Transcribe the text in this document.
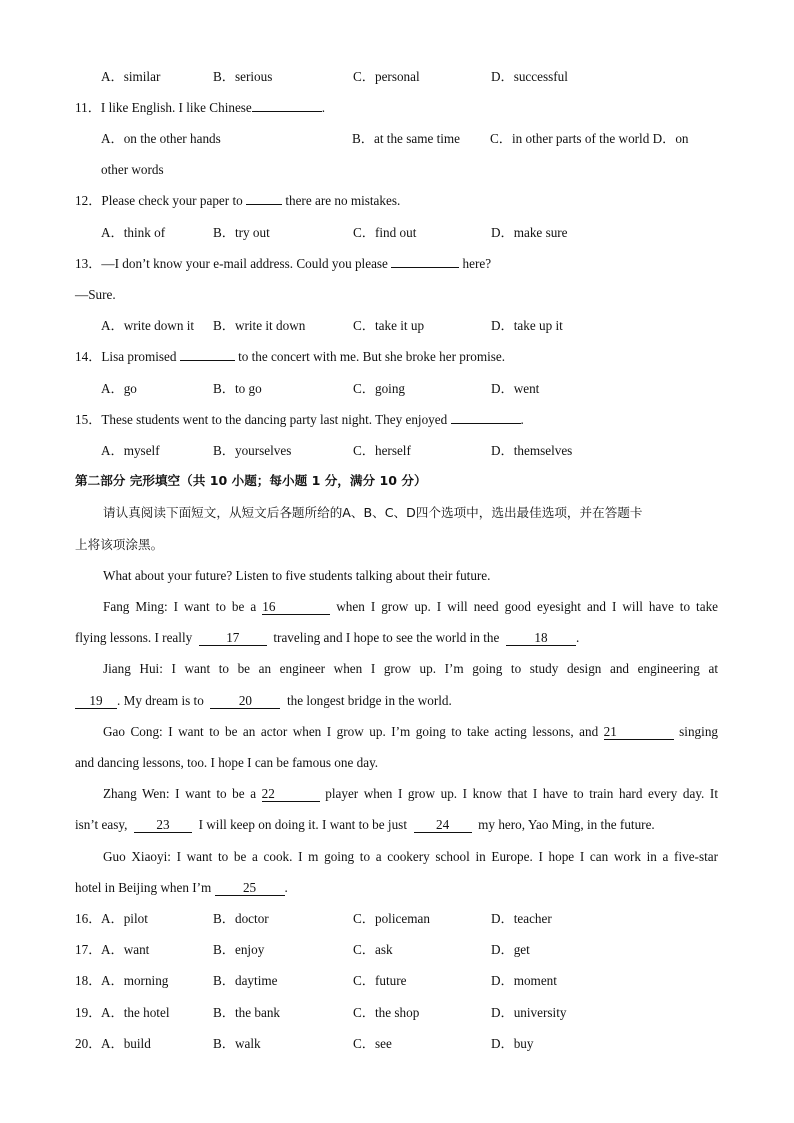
A．similar	B．serious	C．personal	D．successful
11．I like English. I like Chinese	.
A．on the other hands	B．at the same time C．in other parts of the world D．on
other words
12．Please check your paper to	there are no mistakes.
A．think of	B．try out	C．find out	D．make sure
13．—I don’t know your e-mail address. Could you please	here?
—Sure.
A．write down it B．write it down	C．take it up	D．take up it
14．Lisa promised	to the concert with me. But she broke her promise.
A．go	B．to go	C．going	D．went
15．These students went to the dancing party last night. They enjoyed	.
A．myself	B．yourselves	C．herself	D．themselves
第二部分 完形填空（共 10 小题；每小题 1 分，满分 10 分）
请认真阅读下面短文，从短文后各题所给的A、B、C、D四个选项中，选出最佳选项，并在答题卡
上将该项涂黑。
What about your future? Listen to five students talking about their future.
Fang Ming: I want to be a 16	when I grow up. I will need good eyesight and I will have to take
flying lessons. I really	17	traveling and I hope to see the world in the	18 .
Jiang Hui: I want to be an engineer when I grow up. I’m going to study design and engineering at
19 . My dream is to	20	the longest bridge in the world.
Gao Cong: I want to be an actor when I grow up. I’m going to take acting lessons, and 21	singing
and dancing lessons, too. I hope I can be famous one day.
Zhang Wen: I want to be a 22	player when I grow up. I know that I have to train hard every day. It
isn’t easy, 23 I will keep on doing it. I want to be just 24 my hero, Yao Ming, in the future.
Guo Xiaoyi: I want to be a cook. I m going to a cookery school in Europe. I hope I can work in a five-star
hotel in Beijing when I’m 25 .
16． A．pilot	B．doctor	C．policeman	D．teacher
17． A．want	B．enjoy	C．ask	D．get
18． A．morning	B．daytime	C．future	D．moment
19． A．the hotel	B．the bank	C．the shop	D．university
20． A．build	B．walk	C．see	D．buy
